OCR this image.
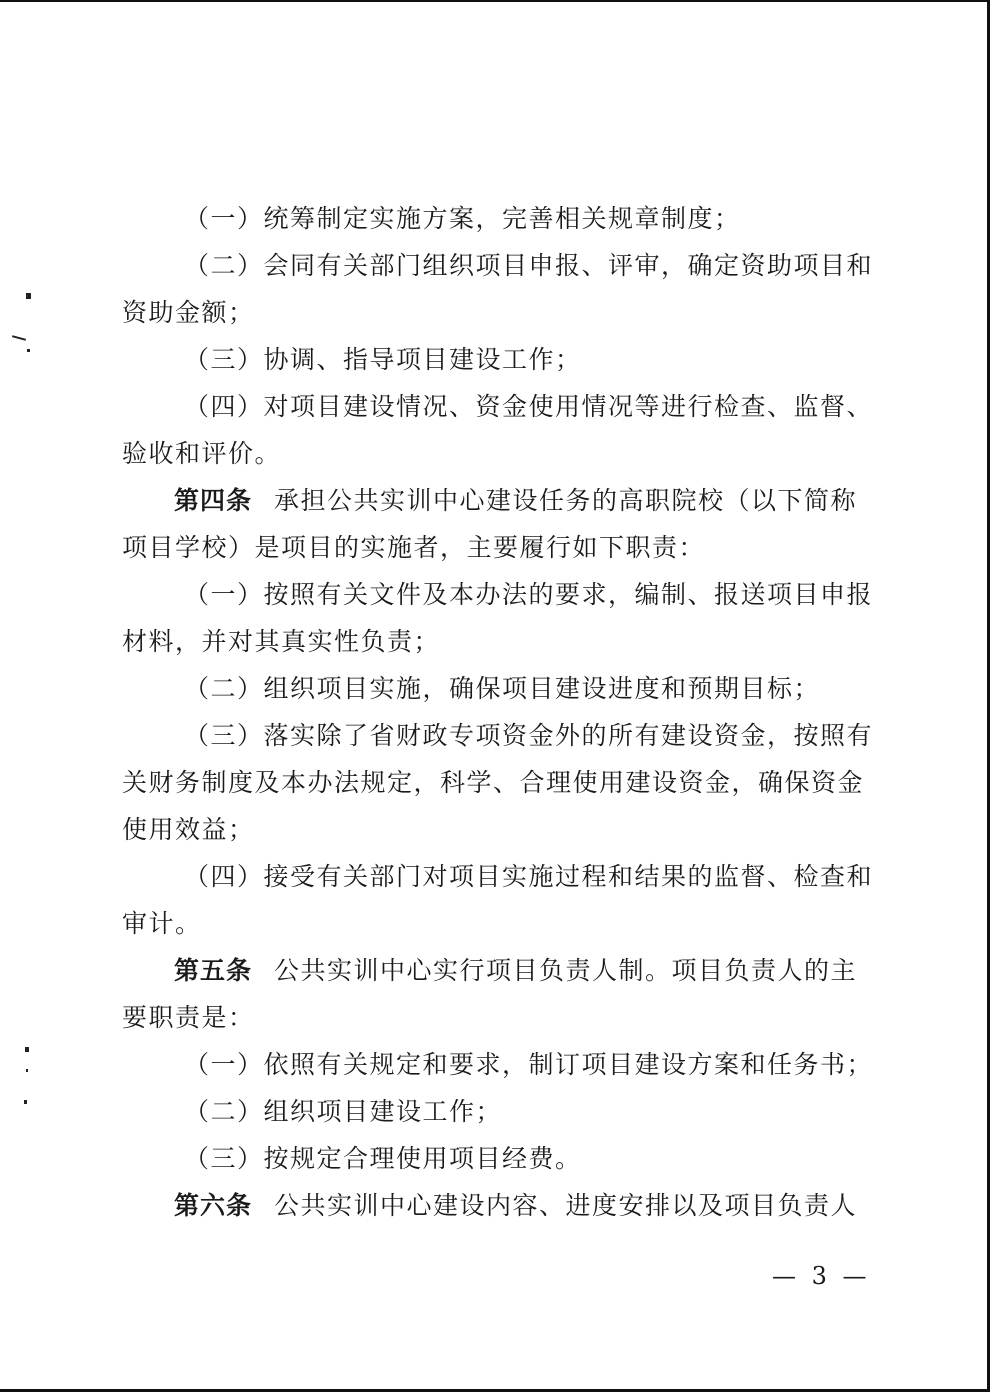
（一）统筹制定实施方案，完善相关规章制度；
（二）会同有关部门组织项目申报、评审，确定资助项目和
资助金额；
（三）协调、指导项目建设工作；
（四）对项目建设情况、资金使用情况等进行检查、监督、
验收和评价。
第四条 承担公共实训中心建设任务的高职院校（以下简称
项目学校）是项目的实施者，主要履行如下职责：
（一）按照有关文件及本办法的要求，编制、报送项目申报
材料，并对其真实性负责；
（二）组织项目实施，确保项目建设进度和预期目标；
（三）落实除了省财政专项资金外的所有建设资金，按照有
关财务制度及本办法规定，科学、合理使用建设资金，确保资金
使用效益；
（四）接受有关部门对项目实施过程和结果的监督、检查和
审计。
第五条 公共实训中心实行项目负责人制。项目负责人的主
要职责是：
（一）依照有关规定和要求，制订项目建设方案和任务书；
（二）组织项目建设工作；
（三）按规定合理使用项目经费。
第六条 公共实训中心建设内容、进度安排以及项目负责人
— 3 —
